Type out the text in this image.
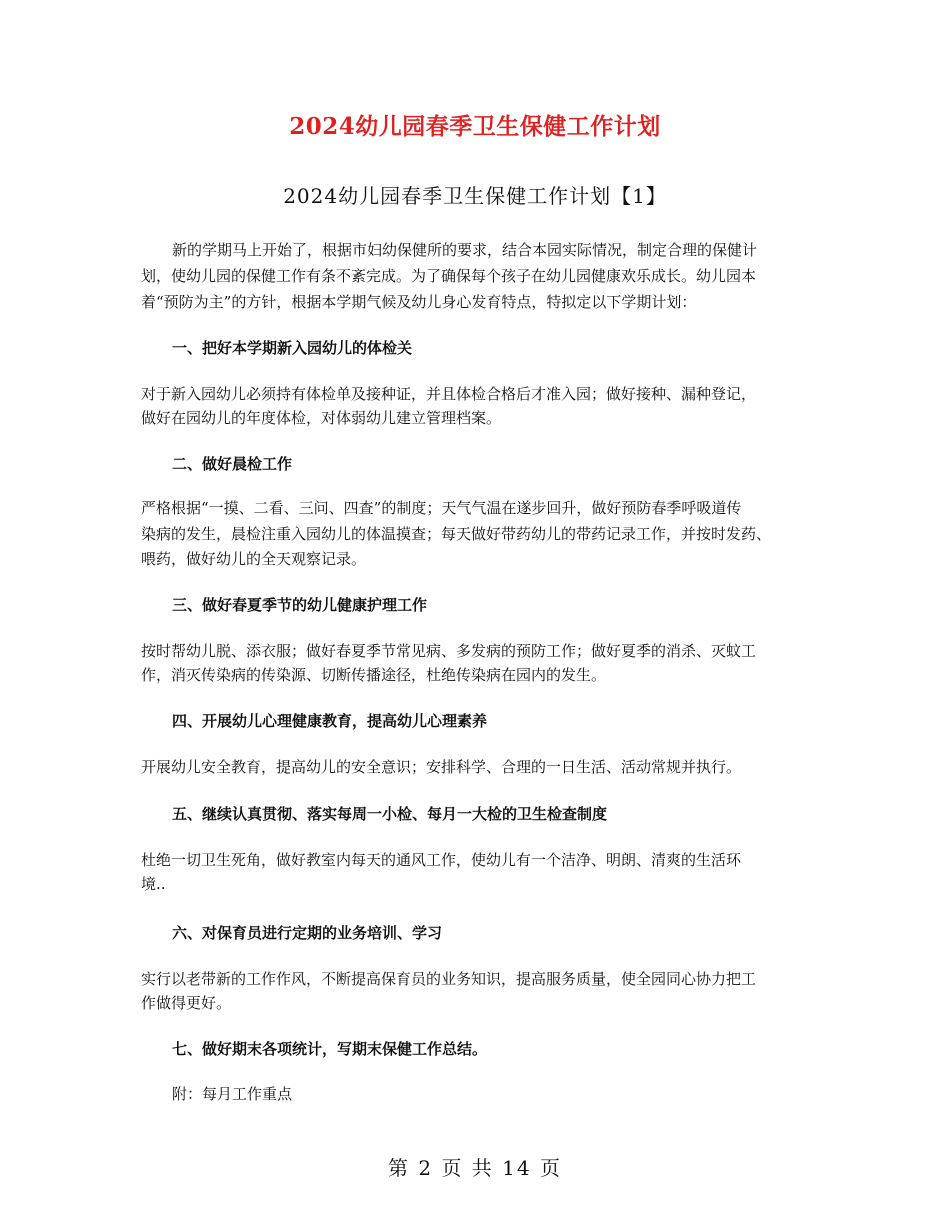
2024幼儿园春季卫生保健工作计划
2024幼儿园春季卫生保健工作计划【1】
新的学期马上开始了，根据市妇幼保健所的要求，结合本园实际情况，制定合理的保健计
划，使幼儿园的保健工作有条不紊完成。为了确保每个孩子在幼儿园健康欢乐成长。幼儿园本
着“预防为主”的方针，根据本学期气候及幼儿身心发育特点，特拟定以下学期计划：
一、把好本学期新入园幼儿的体检关
对于新入园幼儿必须持有体检单及接种证，并且体检合格后才准入园；做好接种、漏种登记，
做好在园幼儿的年度体检，对体弱幼儿建立管理档案。
二、做好晨检工作
严格根据“一摸、二看、三问、四查”的制度；天气气温在遂步回升，做好预防春季呼吸道传
染病的发生，晨检注重入园幼儿的体温摸查；每天做好带药幼儿的带药记录工作，并按时发药、
喂药，做好幼儿的全天观察记录。
三、做好春夏季节的幼儿健康护理工作
按时帮幼儿脱、添衣服；做好春夏季节常见病、多发病的预防工作；做好夏季的消杀、灭蚊工
作，消灭传染病的传染源、切断传播途径，杜绝传染病在园内的发生。
四、开展幼儿心理健康教育，提高幼儿心理素养
开展幼儿安全教育，提高幼儿的安全意识；安排科学、合理的一日生活、活动常规并执行。
五、继续认真贯彻、落实每周一小检、每月一大检的卫生检查制度
杜绝一切卫生死角，做好教室内每天的通风工作，使幼儿有一个洁净、明朗、清爽的生活环
境..
六、对保育员进行定期的业务培训、学习
实行以老带新的工作作风，不断提高保育员的业务知识，提高服务质量，使全园同心协力把工
作做得更好。
七、做好期末各项统计，写期末保健工作总结。
附：每月工作重点
第 2 页 共 14 页
